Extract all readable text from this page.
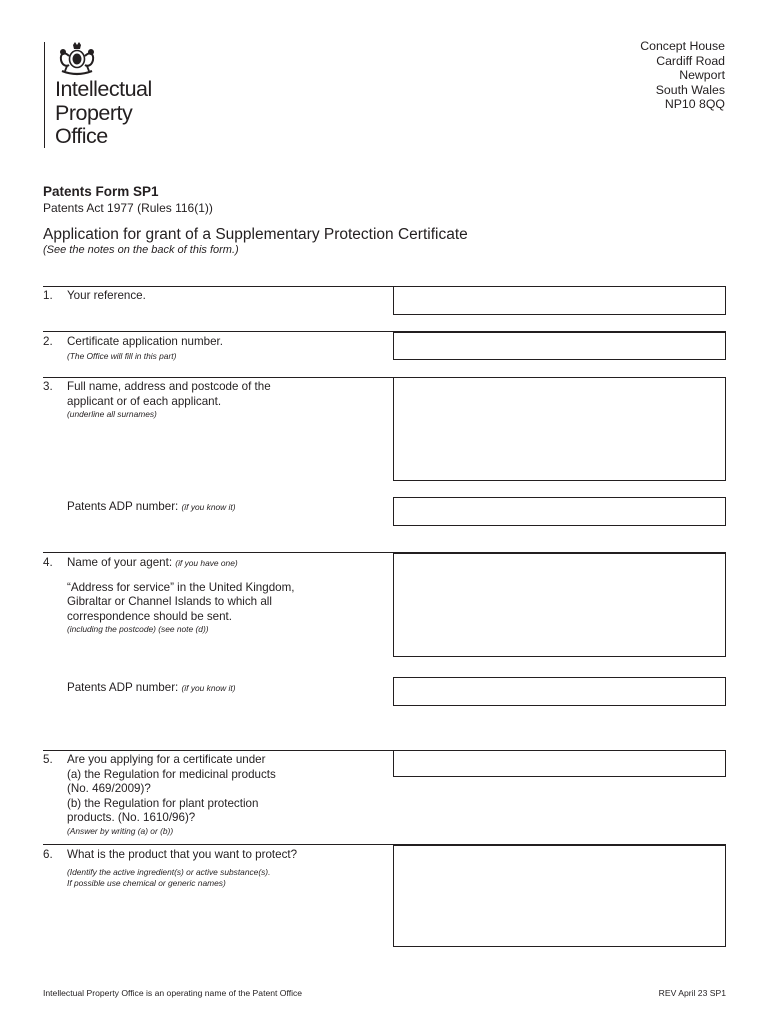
Intellectual
Property
Office
Concept House
Cardiff Road
Newport
South Wales
NP10 8QQ
Patents Form SP1
Patents Act 1977 (Rules 116(1))
Application for grant of a Supplementary Protection Certificate
(See the notes on the back of this form.)
1. Your reference.
2. Certificate application number.
(The Office will fill in this part)
3. Full name, address and postcode of the
applicant or of each applicant.
(underline all surnames)
Patents ADP number: (if you know it)
4. Name of your agent: (if you have one)
“Address for service” in the United Kingdom,
Gibraltar or Channel Islands to which all
correspondence should be sent.
(including the postcode) (see note (d))
Patents ADP number: (if you know it)
5. Are you applying for a certificate under
(a) the Regulation for medicinal products
(No. 469/2009)?
(b) the Regulation for plant protection
products. (No. 1610/96)?
(Answer by writing (a) or (b))
6. What is the product that you want to protect?
(Identify the active ingredient(s) or active substance(s).
If possible use chemical or generic names)
Intellectual Property Office is an operating name of the Patent Office	REV April 23 SP1
